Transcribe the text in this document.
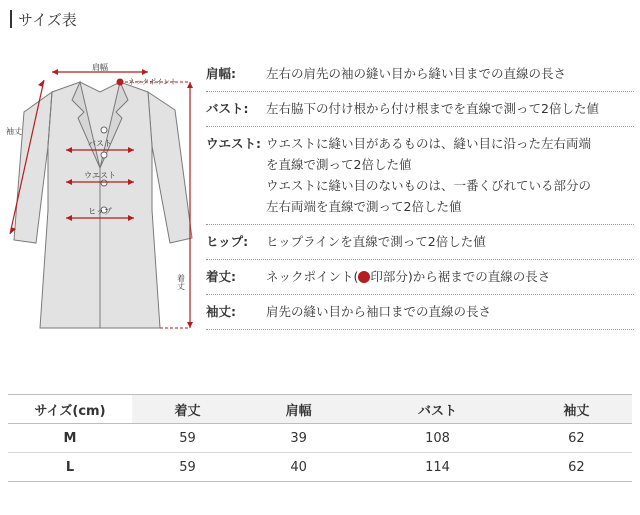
サイズ表
肩幅
ネックポイント
袖丈
バスト
ウエスト
ヒップ
着丈
肩幅:	左右の肩先の袖の縫い目から縫い目までの直線の長さ
バスト:	左右脇下の付け根から付け根までを直線で測って2倍した値
ウエスト: ウエストに縫い目があるものは、縫い目に沿った左右両端
を直線で測って2倍した値
ウエストに縫い目のないものは、一番くびれている部分の
左右両端を直線で測って2倍した値
ヒップ:	ヒップラインを直線で測って2倍した値
着丈:	ネックポイント( 印部分)から裾までの直線の長さ
袖丈:	肩先の縫い目から袖口までの直線の長さ
サイズ(cm)	着丈	肩幅	バスト	袖丈
M	59	39	108	62
L	59	40	114	62
